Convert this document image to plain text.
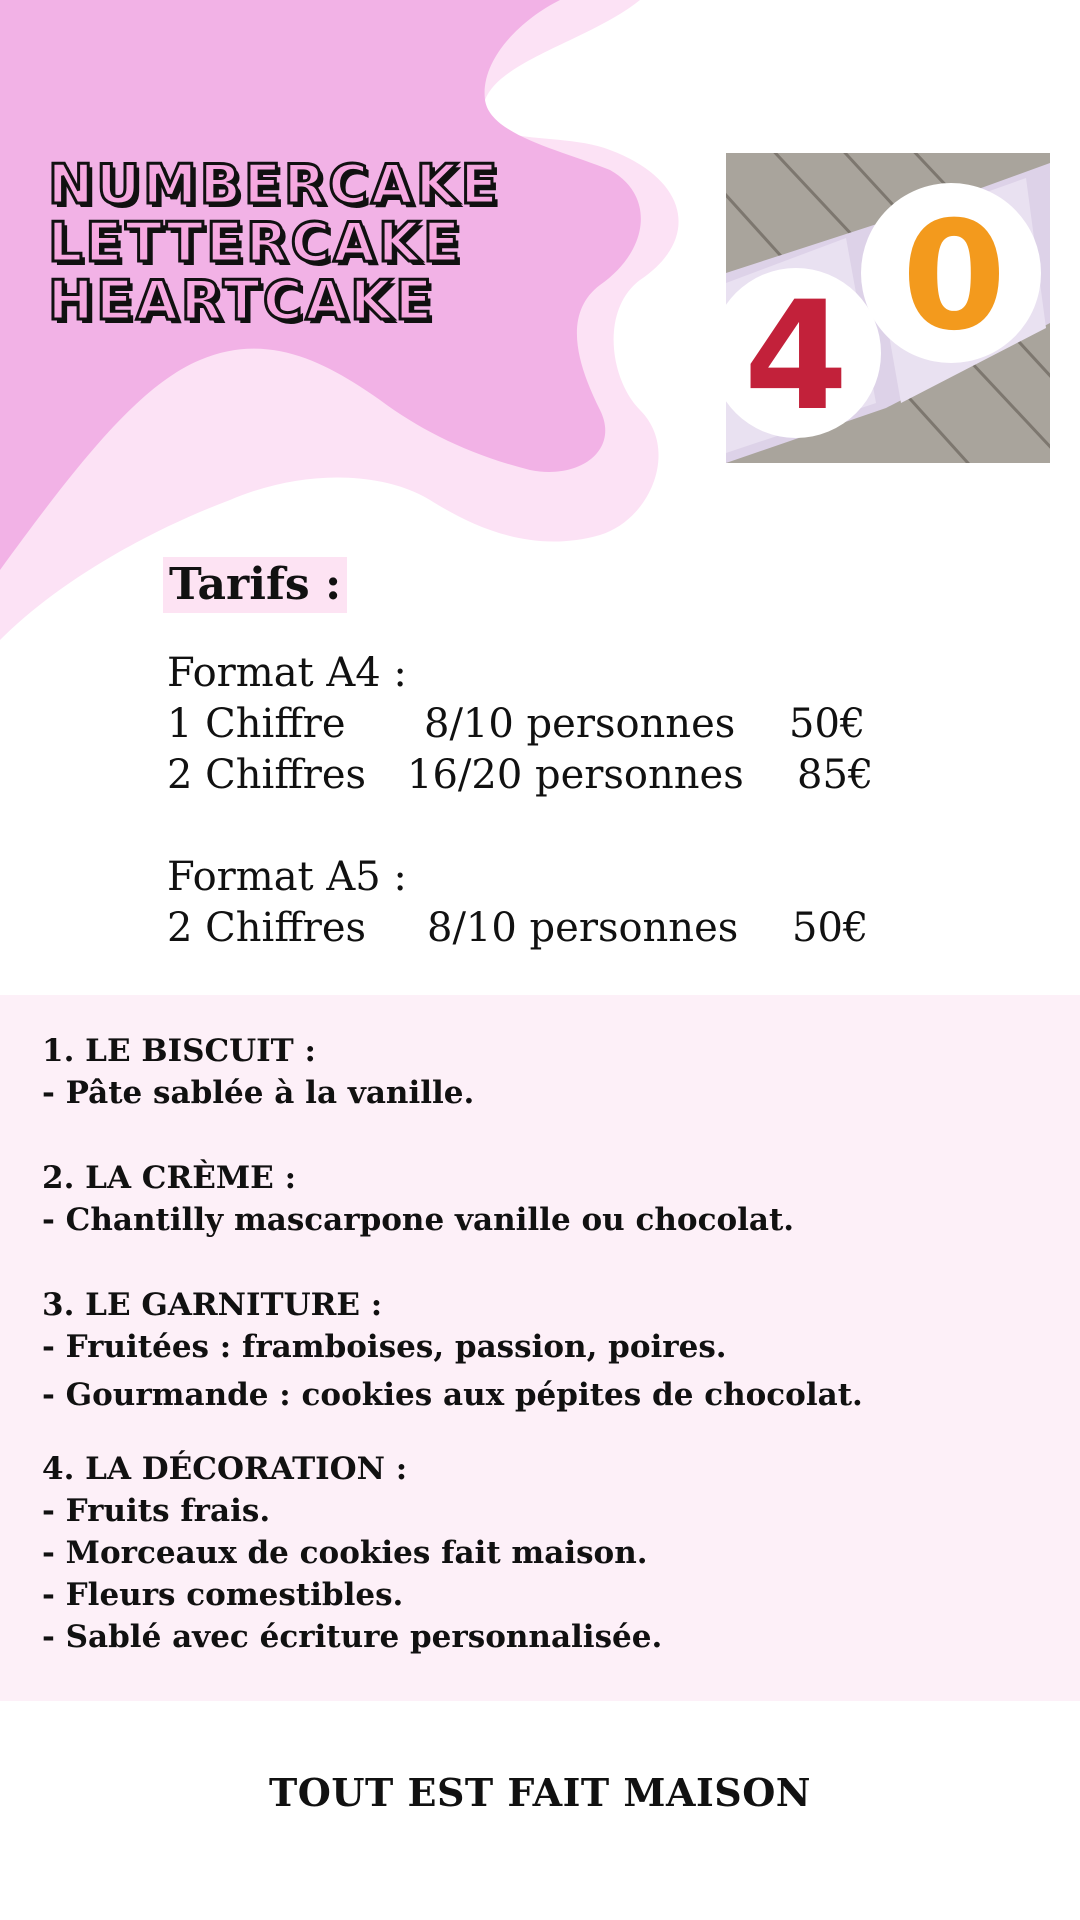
NUMBERCAKE
LETTERCAKE
HEARTCAKE	4 0
Tarifs :
Format A4 :
1 Chiffre 8/10 personnes 50€
2 Chiffres 16/20 personnes 85€
Format A5 :
2 Chiffres 8/10 personnes 50€
1. LE BISCUIT :
- Pâte sablée à la vanille.
2. LA CRÈME :
- Chantilly mascarpone vanille ou chocolat.
3. LE GARNITURE :
- Fruitées : framboises, passion, poires.
- Gourmande : cookies aux pépites de chocolat.
4. LA DÉCORATION :
- Fruits frais.
- Morceaux de cookies fait maison.
- Fleurs comestibles.
- Sablé avec écriture personnalisée.
TOUT EST FAIT MAISON
